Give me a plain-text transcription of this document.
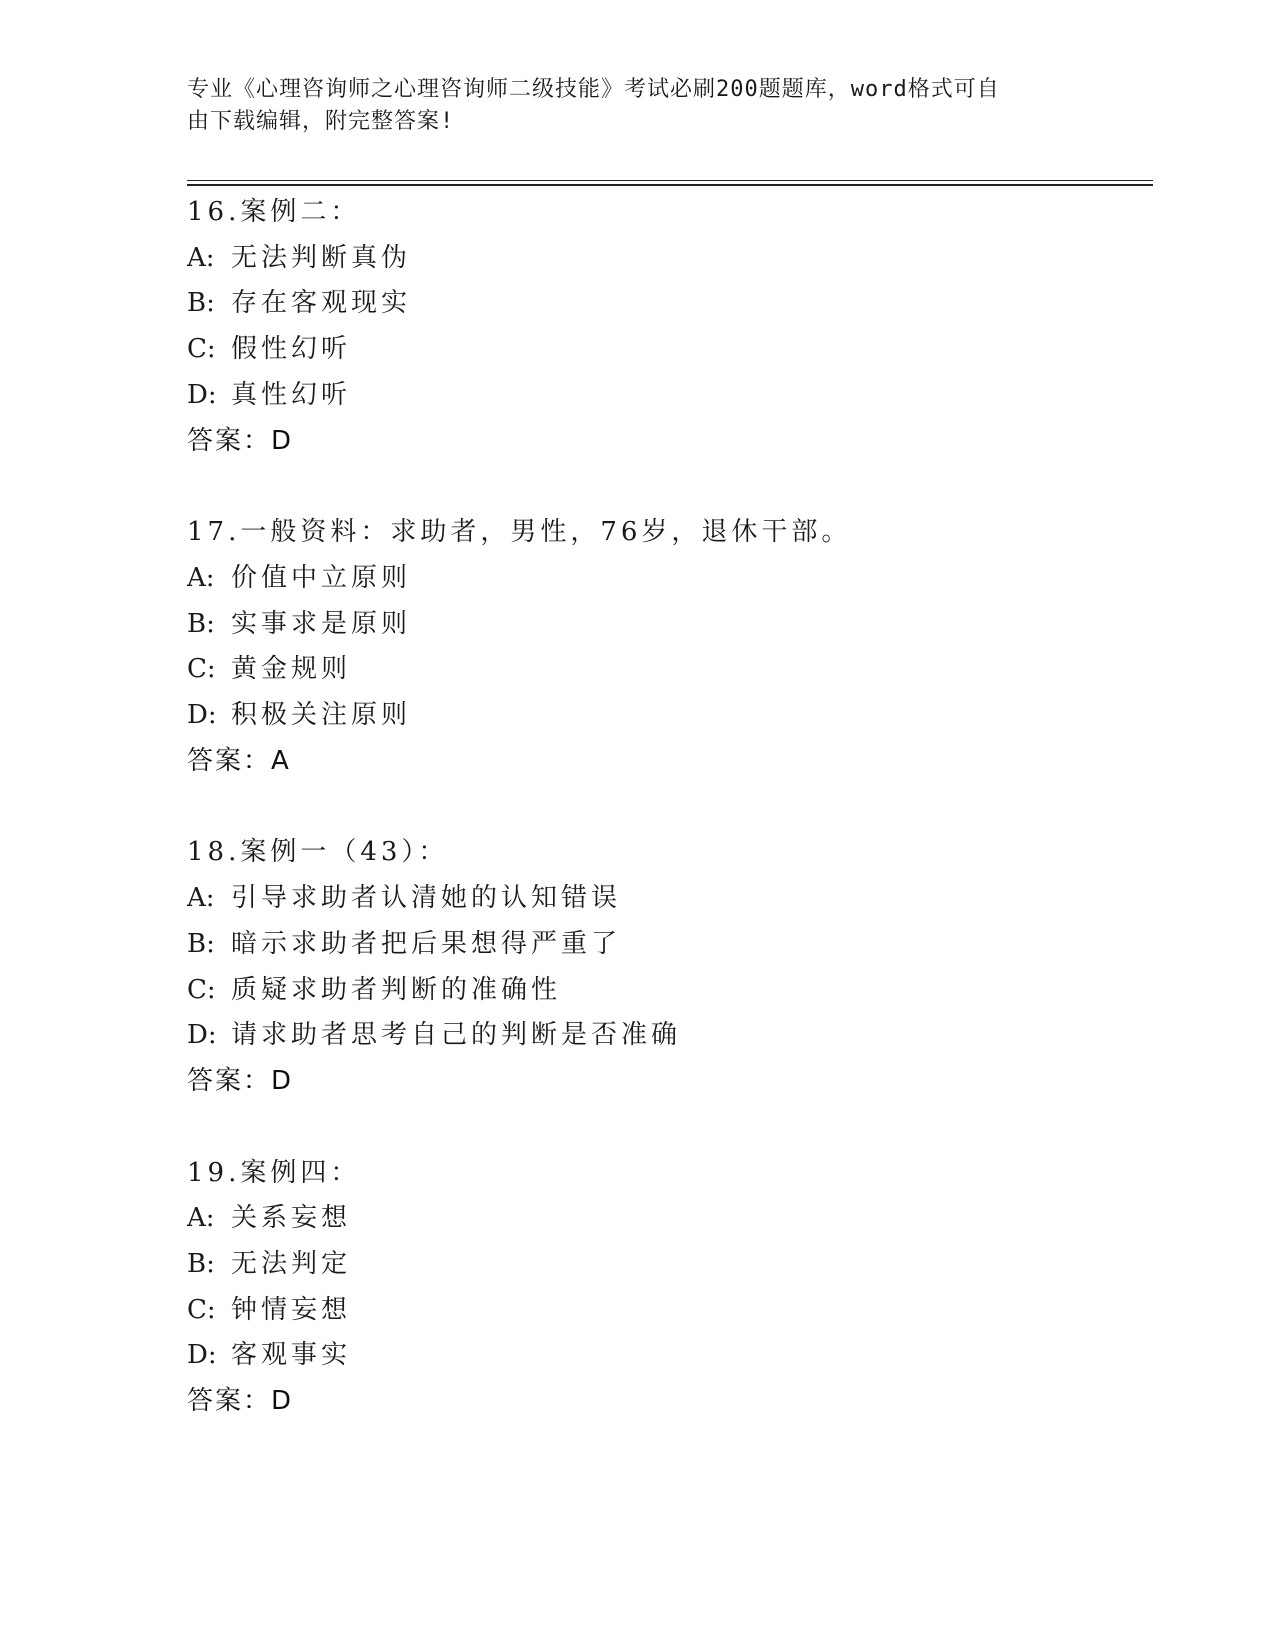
专业《心理咨询师之心理咨询师二级技能》考试必刷200题题库，word格式可自
由下载编辑，附完整答案!
16.案例二：
A: 无法判断真伪
B: 存在客观现实
C: 假性幻听
D: 真性幻听
答案：D
17.一般资料：求助者，男性，76岁，退休干部。
A: 价值中立原则
B: 实事求是原则
C: 黄金规则
D: 积极关注原则
答案：A
18.案例一（43）：
A: 引导求助者认清她的认知错误
B: 暗示求助者把后果想得严重了
C: 质疑求助者判断的准确性
D: 请求助者思考自己的判断是否准确
答案：D
19.案例四：
A: 关系妄想
B: 无法判定
C: 钟情妄想
D: 客观事实
答案：D
